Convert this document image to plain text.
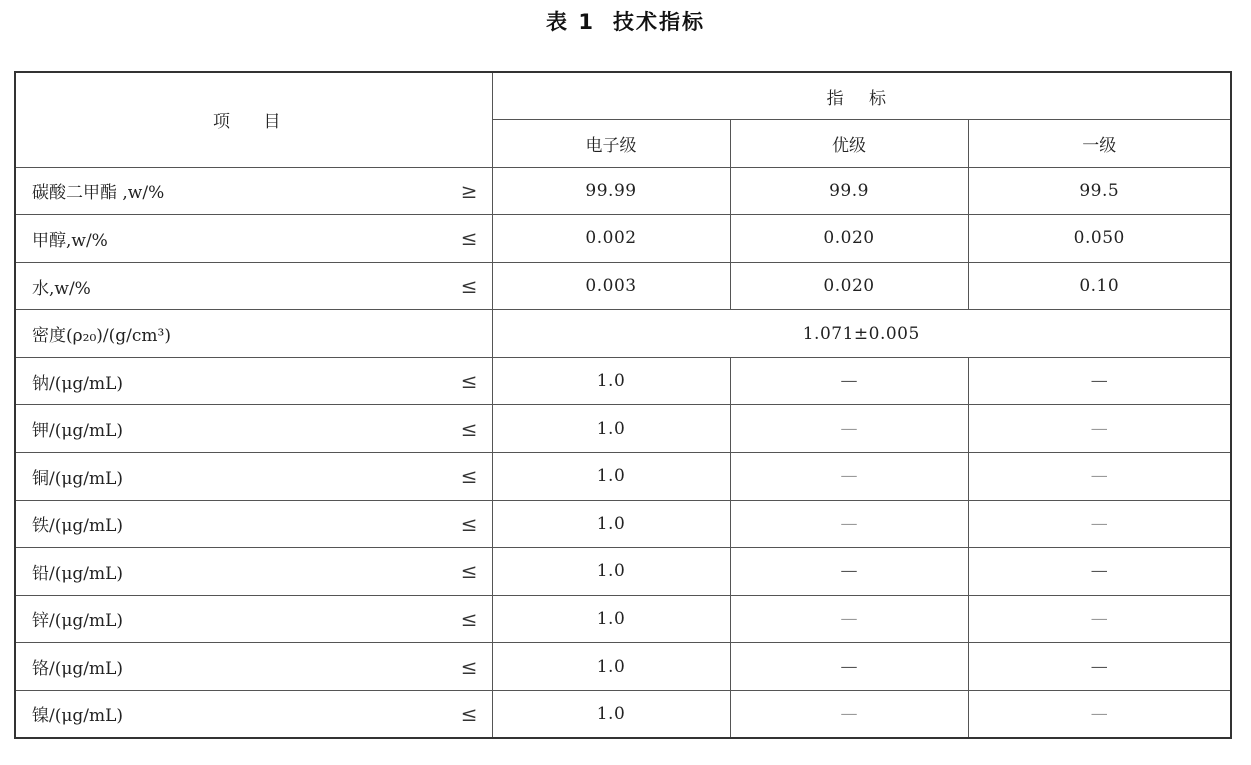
表 1 技术指标
项 目	指 标		
	电子级	优级	一级
碳酸二甲酯 ,w/% ≥	99.99	99.9	99.5
甲醇,w/% ≤	0.002	0.020	0.050
水,w/% ≤	0.003	0.020	0.10
密度(ρ₂₀)/(g/cm³)	1.071±0.005		
钠/(μg/mL) ≤	1.0	—	—
钾/(μg/mL) ≤	1.0	—	—
铜/(μg/mL) ≤	1.0	—	—
铁/(μg/mL) ≤	1.0	—	—
铅/(μg/mL) ≤	1.0	—	—
锌/(μg/mL) ≤	1.0	—	—
铬/(μg/mL) ≤	1.0	—	—
镍/(μg/mL) ≤	1.0	—	—
